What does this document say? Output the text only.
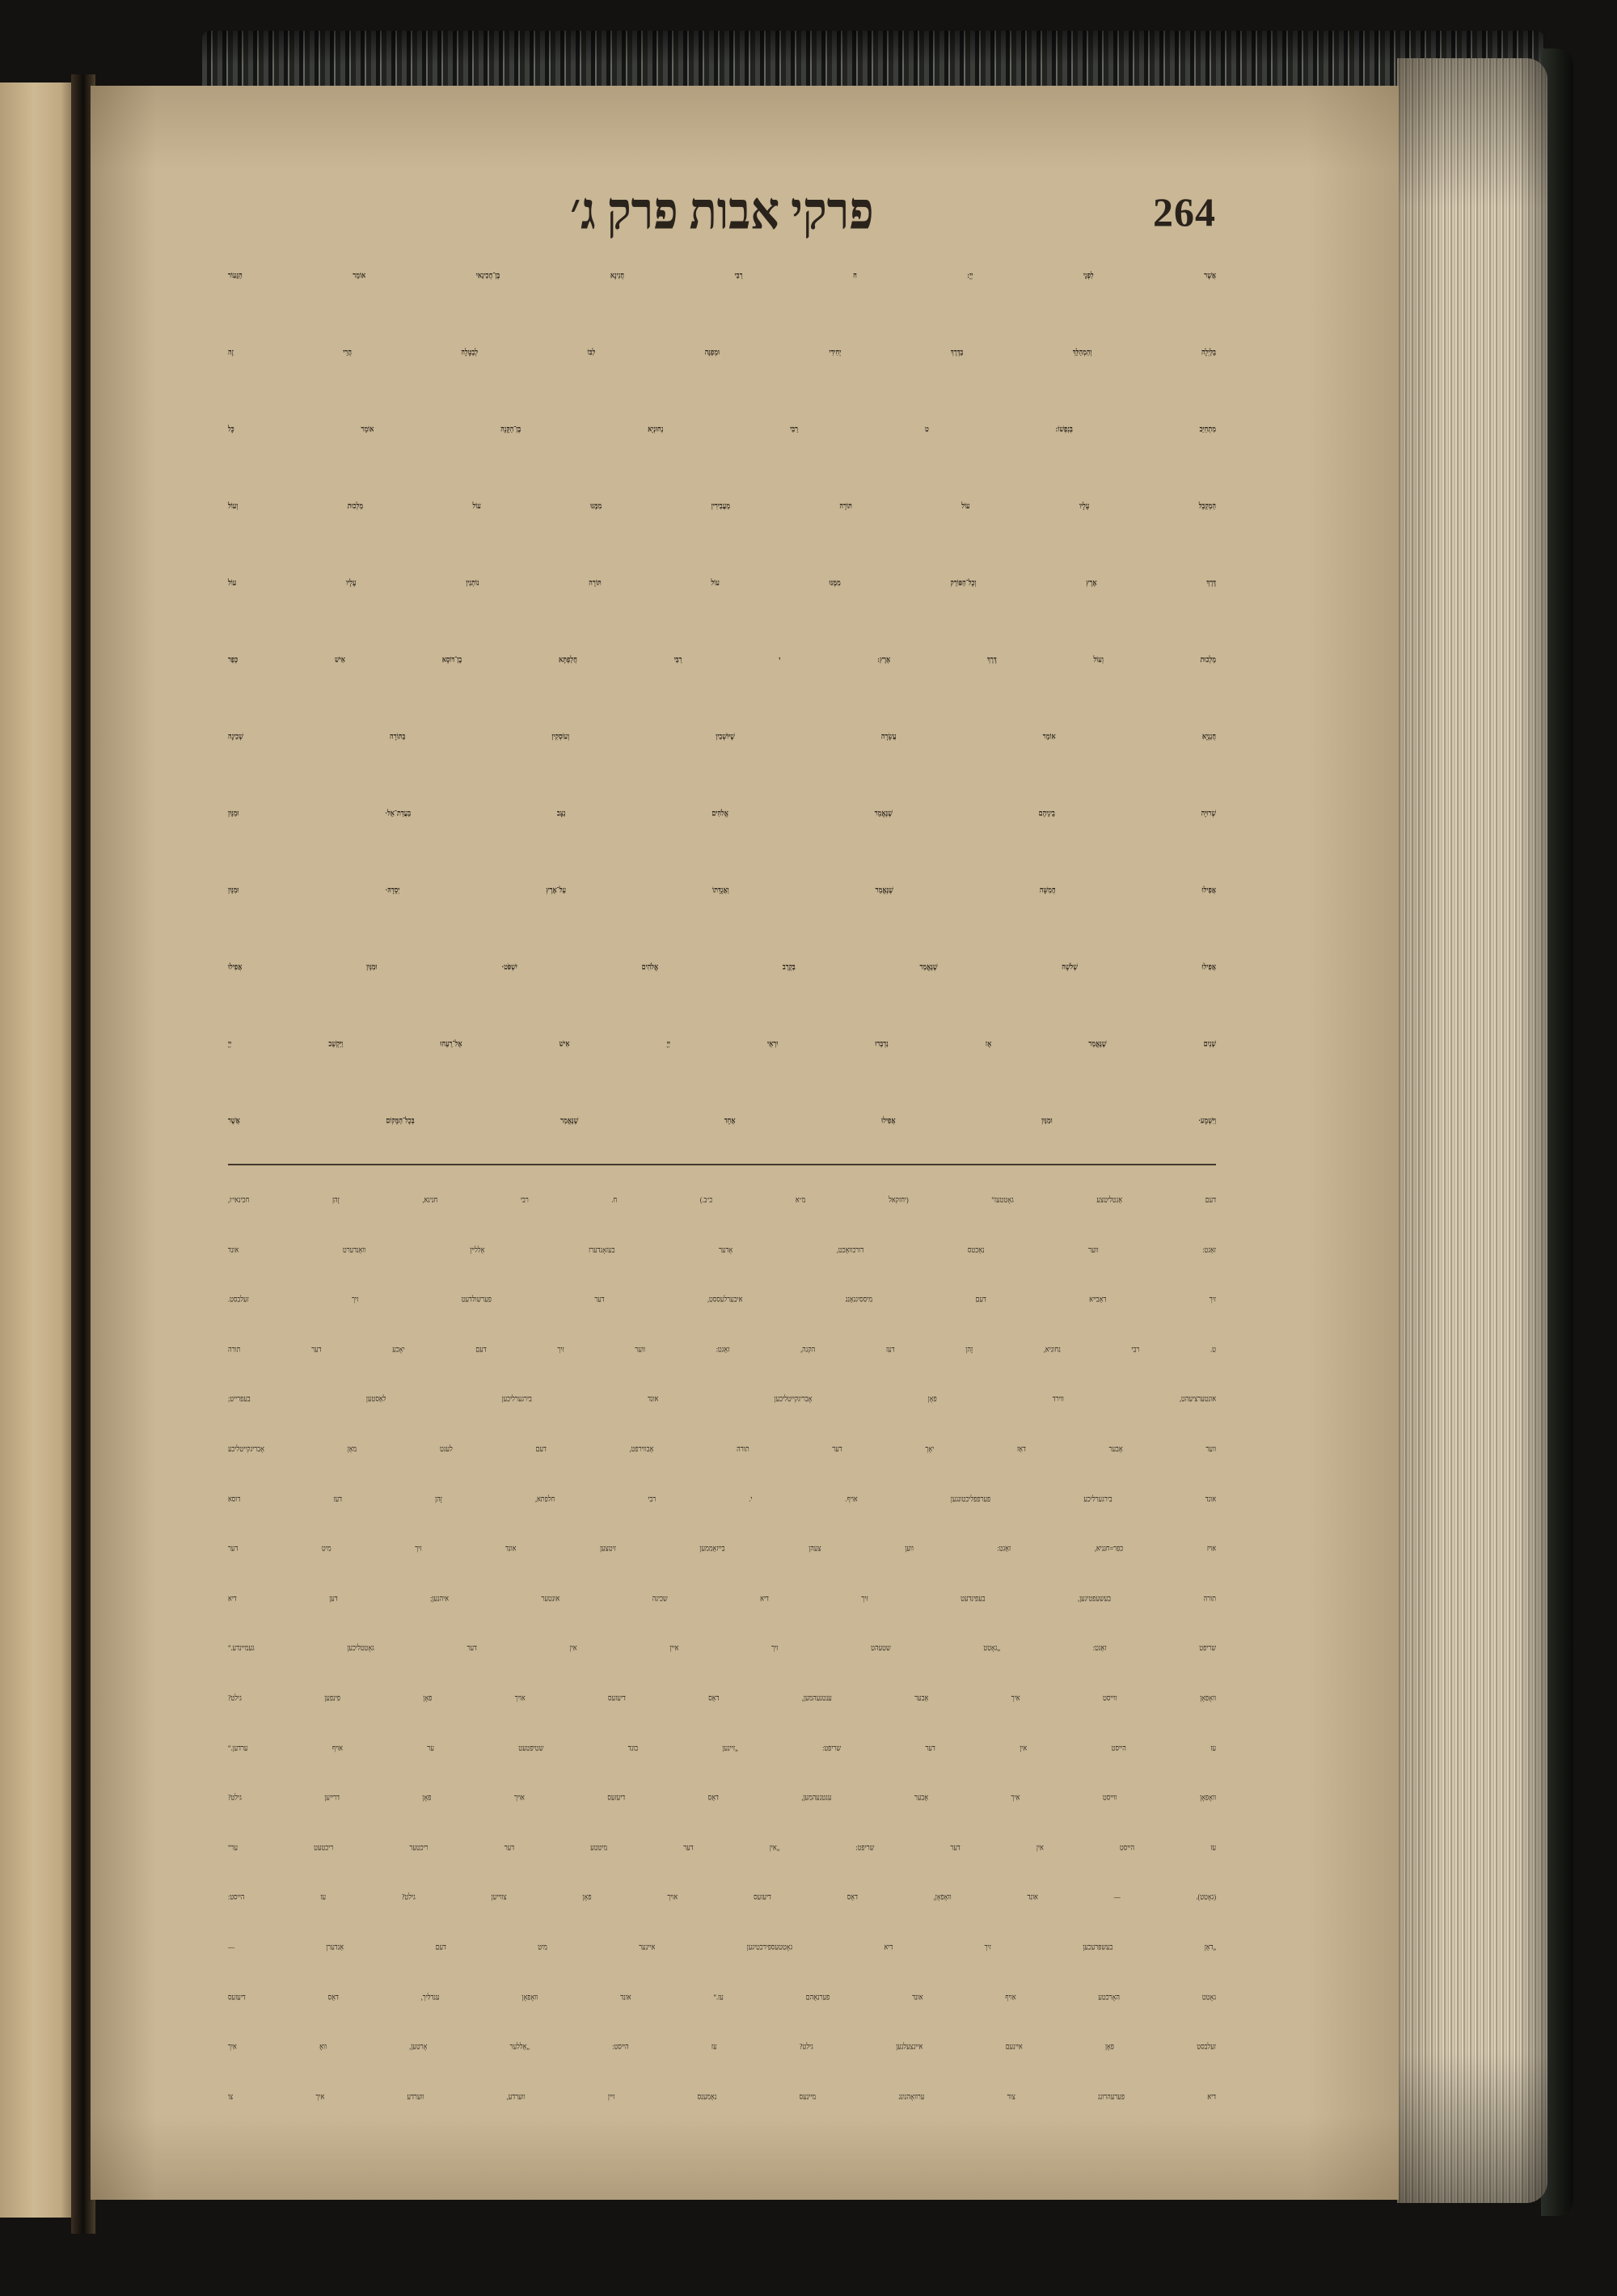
264
פרקי אבות פרק ג׳
אֲשֶׁר לִפְנֵי יְיָ: ח רַבִּי חֲנִינָא בֶּן־חֲכִינַאי אוֹמֵר הַנֵּעוֹר
בַּלַּיְלָה וְהַמְהַלֵּךְ בַּדֶּרֶךְ יְחִידִי וּמְפַנֶּה לִבּוֹ לְבַטָּלָה הֲרֵי זֶה
מִתְחַיֵּב בְּנַפְשׁוֹ: ט רַבִּי נְחוּנְיָא בֶּן־הַקָּנָה אוֹמֵר כָּל
הַמְקַבֵּל עָלָיו עוֹל תּוֹרָה מַעֲבִירִין מִמֶּנּוּ עוֹל מַלְכוּת וְעוֹל
דֶּרֶךְ אֶרֶץ וְכָל־הַפּוֹרֵק מִמֶּנּוּ עוֹל תּוֹרָה נוֹתְנִין עָלָיו עוֹל
מַלְכוּת וְעוֹל דֶּרֶךְ אֶרֶץ: י רַבִּי חֲלַפְתָּא בֶן־דּוֹסָא אִישׁ כְּפַר
חֲנַנְיָא אוֹמֵר עֲשָׂרָה שֶׁיּוֹשְׁבִין וְעוֹסְקִין בַּתּוֹרָה שְׁכִינָה
שְׁרוּיָה בֵינֵיהֶם שֶׁנֶּאֱמַר אֱלֹהִים נִצָּב בַּעֲדַת־אֵל· וּמִנַּיִן
אֲפִילוּ חֲמִשָּׁה שֶׁנֶּאֱמַר וַאֲגֻדָּתוֹ עַל־אֶרֶץ יְסָדָהּ· וּמִנַּיִן
אֲפִילוּ שְׁלֹשָׁה שֶׁנֶּאֱמַר בְּקֶרֶב אֱלֹהִים יִשְׁפֹּט· וּמִנַּיִן אֲפִילוּ
שְׁנַיִם שֶׁנֶּאֱמַר אָז נִדְבְּרוּ יִרְאֵי יְיָ אִישׁ אֶל־רֵעֵהוּ וַיַּקְשֵׁב יְיָ
וַיִּשְׁמָע· וּמִנַּיִן אֲפִילוּ אֶחָד שֶׁנֶּאֱמַר בְּכָל־הַמָּקוֹם אֲשֶׁר
דעם אַנטליטצע גאָטטעז“ (יחזקאל מ״א כ״ב.) ח. רבי חנינא, זָהן חכינאי׳ז,
זאַגט: ווער נאַכטס דורכוואַכט, אָדער בעזאָנדערז אַללײן וואַנדערט אונד
זיך דאַבײא דעם מיססיגגאַנג איבערלעססט, דער פערשולדעט זיך זעלבסט.
ט. רבי נחוניא, זָהן דעז הקנה, זאַגט: ווער זיך דעם יאָכע דער תורה
אונטערציעהט, ווירד פאָן אָבריגקייטליכען אונד בירגערליכען לאַסטען בעפרייט;
ווער אַבער דאַז יאָך דער תורה אַבווירפט, דעם לעגט מאַן אָבריגקייטליכע
אונד בירגערליכע פערפפליכטונגען אויף. י. רבי חלפתא, זָהן דעז דוסא
אויז כפר=חנניא, זאַגט: ווען צעהן בייזאַממען זיטצען אונד זיך מיט דער
תורה בעשעפטיגען, בעפינדעט זיך דיא שכינה אונטער איהנען; דען דיא
שריפט זאַגט: „גאָטט שטעהט זיך איין אין דער גאָטטליכען געמיינדע.“
וואָפאָן ווייסט איך אַבער ענטנעהמען, דאַס דיעזעס אויך פאָן פינפען גילט?
עז הייסט אין דער שריפט: „זיינען בונד שטיפטעט ער אויף ערדען.“
וואָפאָן ווייסט איך אַבער ענטנעהמען, דאַס דיעזעס אויך פאָן דרייען גילט?
עז הייסט אין דער שריפט: „אין דער מיטטע דער ריכטער ריכטעט ער“
(גאָטט). — אונד וואָפאָן, דאַס דיעזעס אויך פאָן צווייען גילט? עז הייסט:
„דאַן בעשפּרעכען זיך דיא גאָטטעספירכטיגען איינער מיט דעם אַנדערן —
גאָטט האָרכטע אויף אונד פערנאַהם עז.“ אונד וואָפאָן ענדליך, דאַס דיעזעס
זעלבסט פאָן איינעם איינצעלנען גילט? עז הייסט: „אַללער אָרטען, וואָ איך
דיא פערעהרונג צור ערוואָהנונג מיינעס נאַמענס זיין ווערדע, ווערדע איך צו
